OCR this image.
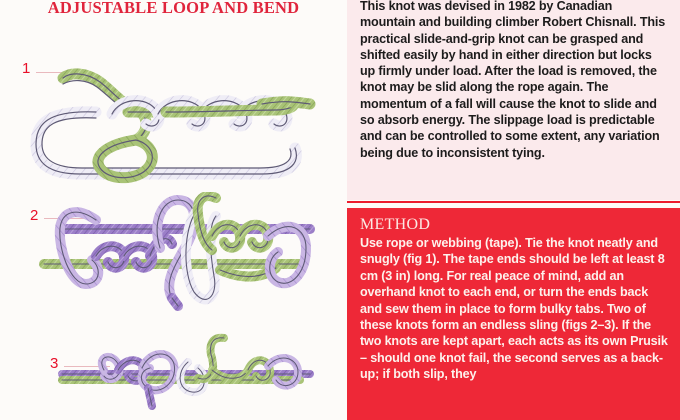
ADJUSTABLE LOOP AND BEND
1
2
3
This knot was devised in 1982 by Canadian mountain and building climber Robert Chisnall. This practical slide-and-grip knot can be grasped and shifted easily by hand in either direction but locks up firmly under load. After the load is removed, the knot may be slid along the rope again. The momentum of a fall will cause the knot to slide and so absorb energy. The slippage load is predictable and can be controlled to some extent, any variation being due to inconsistent tying.
METHOD
Use rope or webbing (tape). Tie the knot neatly and snugly (fig 1). The tape ends should be left at least 8 cm (3 in) long. For real peace of mind, add an overhand knot to each end, or turn the ends back and sew them in place to form bulky tabs. Two of these knots form an endless sling (figs 2–3). If the two knots are kept apart, each acts as its own Prusik – should one knot fail, the second serves as a back-up; if both slip, they
